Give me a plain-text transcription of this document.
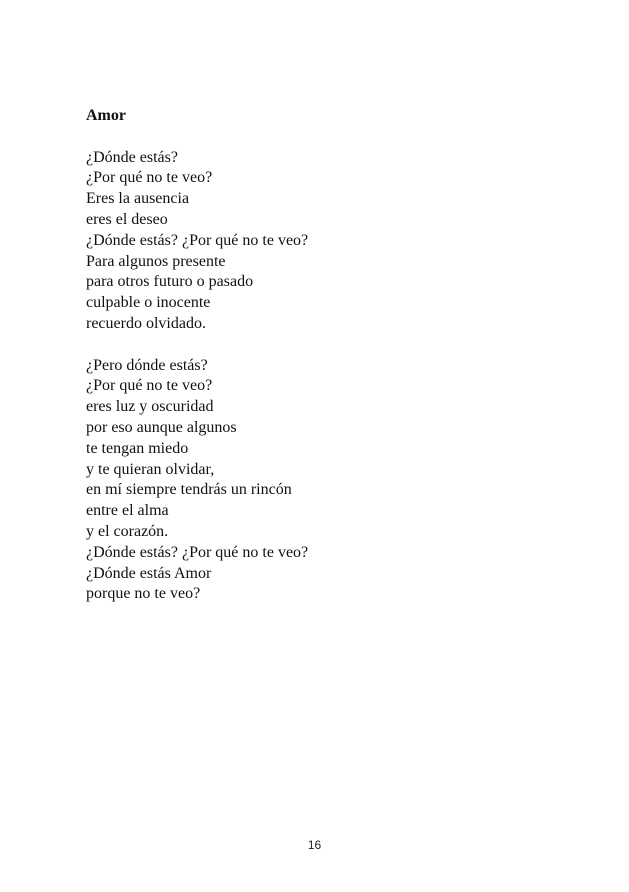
Amor
¿Dónde estás?
¿Por qué no te veo?
Eres la ausencia
eres el deseo
¿Dónde estás? ¿Por qué no te veo?
Para algunos presente
para otros futuro o pasado
culpable o inocente
recuerdo olvidado.
¿Pero dónde estás?
¿Por qué no te veo?
eres luz y oscuridad
por eso aunque algunos
te tengan miedo
y te quieran olvidar,
en mí siempre tendrás un rincón
entre el alma
y el corazón.
¿Dónde estás? ¿Por qué no te veo?
¿Dónde estás Amor
porque no te veo?
16
